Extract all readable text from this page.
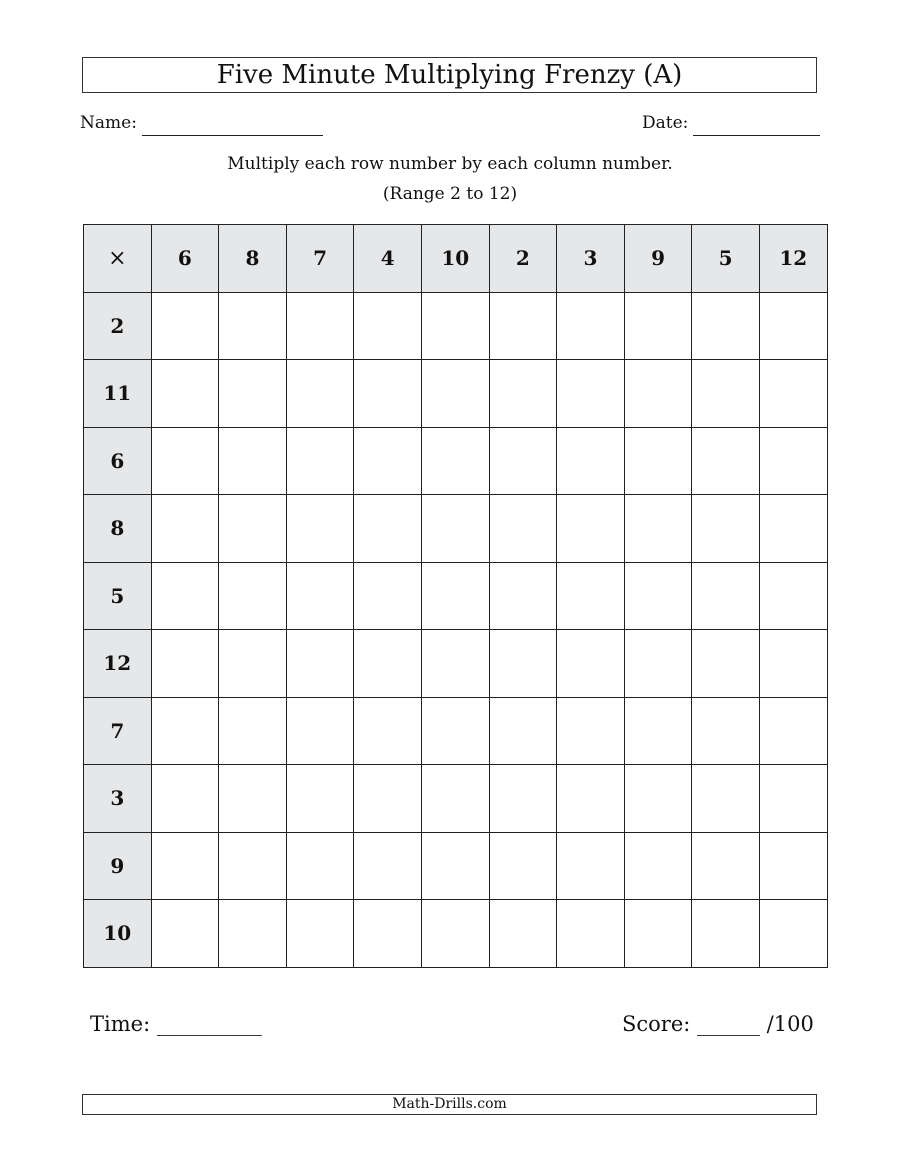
Five Minute Multiplying Frenzy (A)
Name:	Date:
Multiply each row number by each column number.
(Range 2 to 12)
×	6	8	7	4	10	2	3	9	5	12
2										
11										
6										
8										
5										
12										
7										
3										
9										
10										
Time: __________	Score: ______ /100
Math-Drills.com
